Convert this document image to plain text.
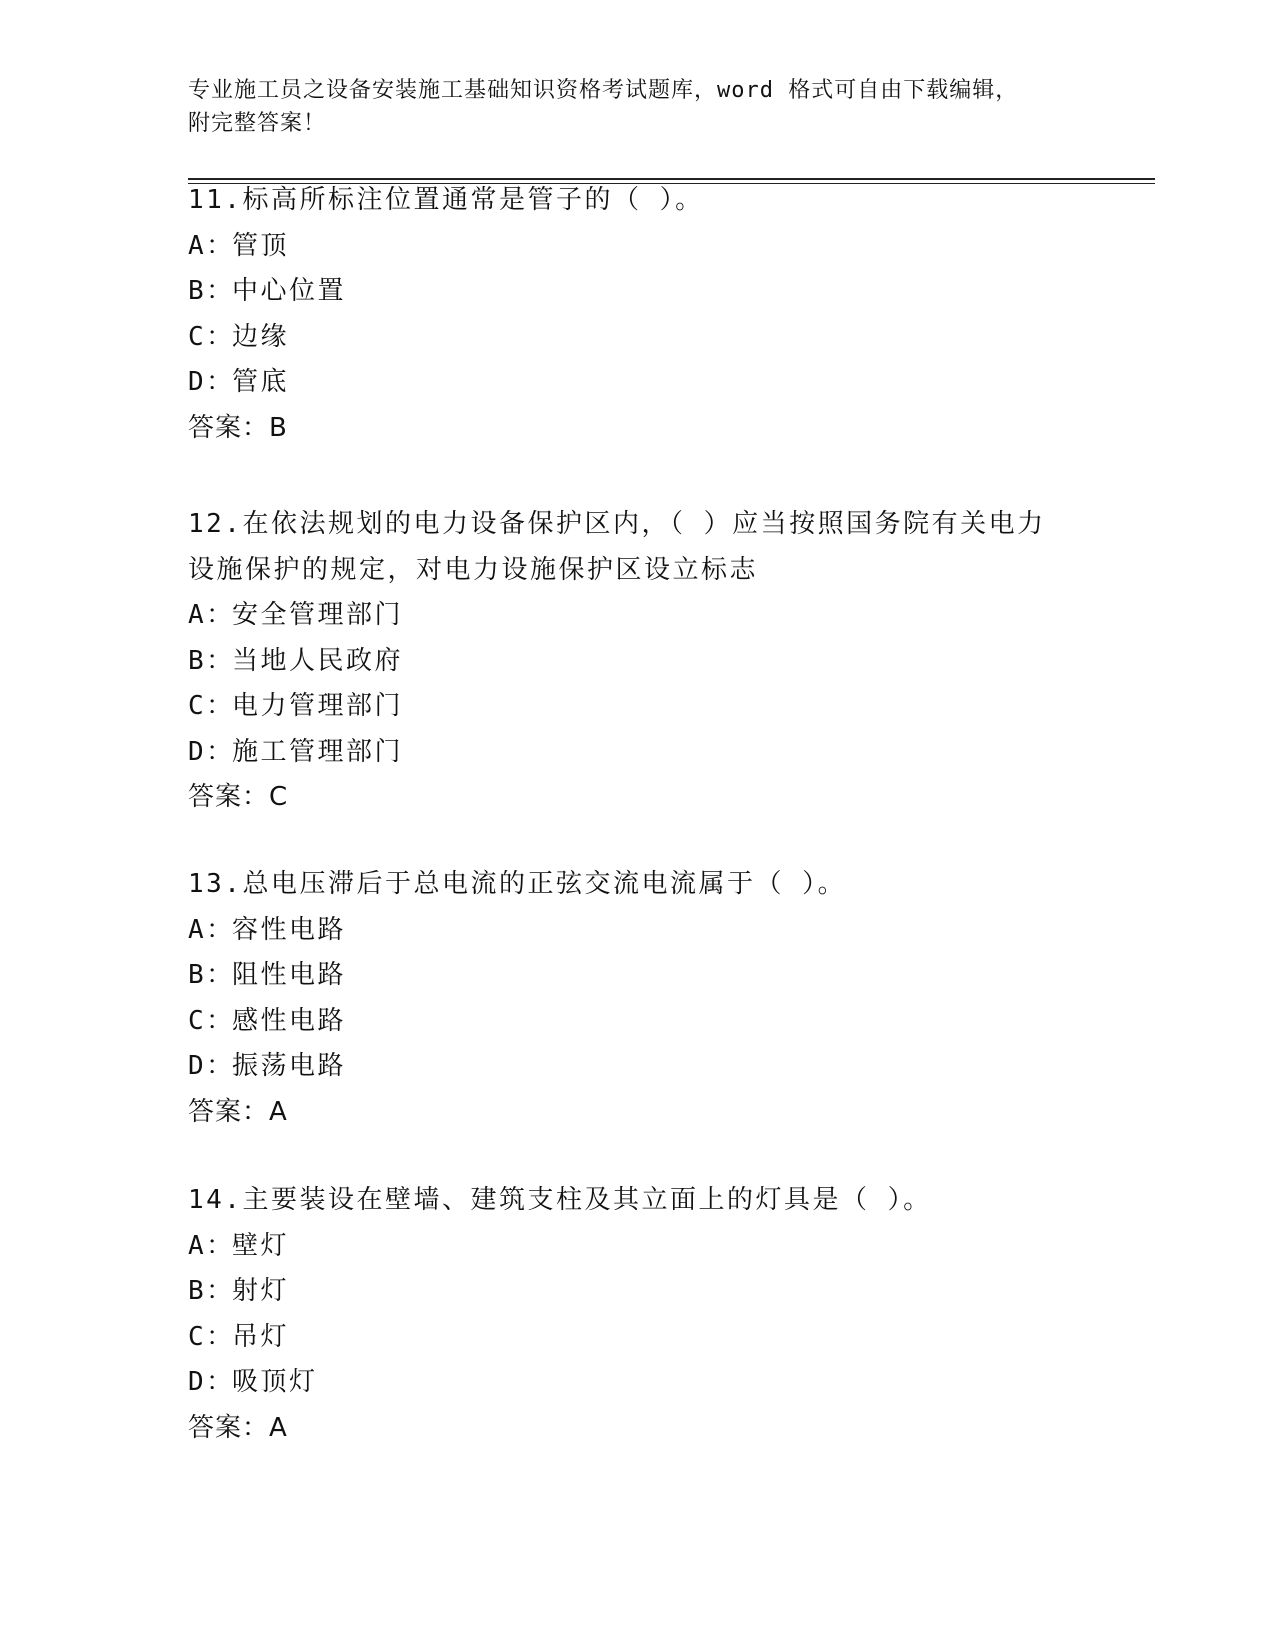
专业施工员之设备安装施工基础知识资格考试题库，word 格式可自由下载编辑，
附完整答案！

11.标高所标注位置通常是管子的（ ）。

A：管顶

B：中心位置

C：边缘

D：管底

答案：B

12.在依法规划的电力设备保护区内，（ ）应当按照国务院有关电力

设施保护的规定，对电力设施保护区设立标志

A：安全管理部门

B：当地人民政府

C：电力管理部门

D：施工管理部门

答案：C

13.总电压滞后于总电流的正弦交流电流属于（ ）。

A：容性电路

B：阻性电路

C：感性电路

D：振荡电路

答案：A

14.主要装设在壁墙、建筑支柱及其立面上的灯具是（ ）。

A：壁灯

B：射灯

C：吊灯

D：吸顶灯

答案：A
